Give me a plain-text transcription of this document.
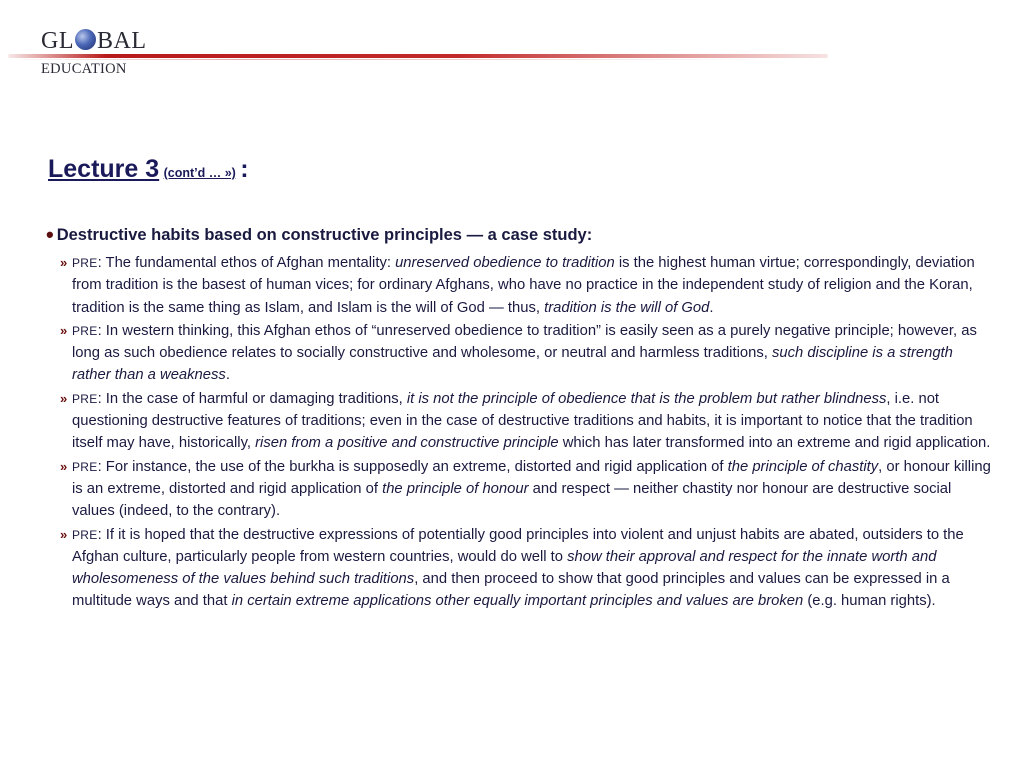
GL BAL
EDUCATION
Lecture 3 (cont’d … ») :
• Destructive habits based on constructive principles — a case study:
» PRE: The fundamental ethos of Afghan mentality: unreserved obedience to tradition is the highest human virtue; correspondingly, deviation from tradition is the basest of human vices; for ordinary Afghans, who have no practice in the independent study of religion and the Koran, tradition is the same thing as Islam, and Islam is the will of God — thus, tradition is the will of God.
» PRE: In western thinking, this Afghan ethos of “unreserved obedience to tradition” is easily seen as a purely negative principle; however, as long as such obedience relates to socially constructive and wholesome, or neutral and harmless traditions, such discipline is a strength rather than a weakness.
» PRE: In the case of harmful or damaging traditions, it is not the principle of obedience that is the problem but rather blindness, i.e. not questioning destructive features of traditions; even in the case of destructive traditions and habits, it is important to notice that the tradition itself may have, historically, risen from a positive and constructive principle which has later transformed into an extreme and rigid application.
» PRE: For instance, the use of the burkha is supposedly an extreme, distorted and rigid application of the principle of chastity, or honour killing is an extreme, distorted and rigid application of the principle of honour and respect — neither chastity nor honour are destructive social values (indeed, to the contrary).
» PRE: If it is hoped that the destructive expressions of potentially good principles into violent and unjust habits are abated, outsiders to the Afghan culture, particularly people from western countries, would do well to show their approval and respect for the innate worth and wholesomeness of the values behind such traditions, and then proceed to show that good principles and values can be expressed in a multitude ways and that in certain extreme applications other equally important principles and values are broken (e.g. human rights).
